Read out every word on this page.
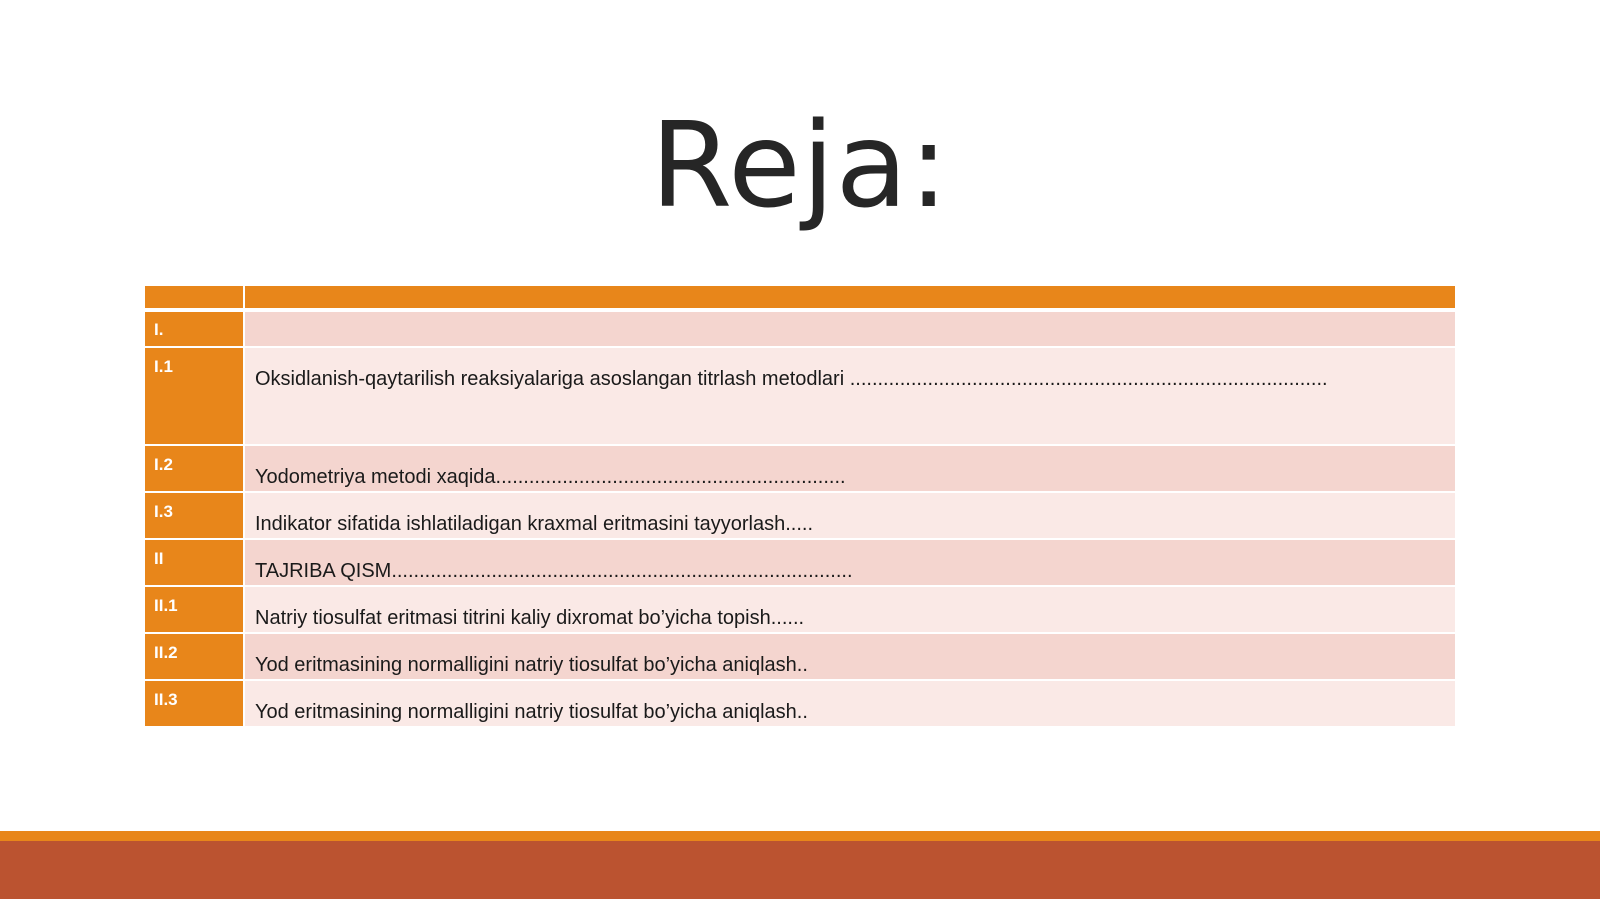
Reja:

I.	
I.1	Oksidlanish-qaytarilish reaksiyalariga asoslangan titrlash metodlari ......................................................................................
I.2	Yodometriya metodi xaqida...............................................................
I.3	Indikator sifatida ishlatiladigan kraxmal eritmasini tayyorlash.....
II	TAJRIBA QISM...................................................................................
II.1	Natriy tiosulfat eritmasi titrini kaliy dixromat bo’yicha topish......
II.2	Yod eritmasining normalligini natriy tiosulfat bo’yicha aniqlash..
II.3	Yod eritmasining normalligini natriy tiosulfat bo’yicha aniqlash..
